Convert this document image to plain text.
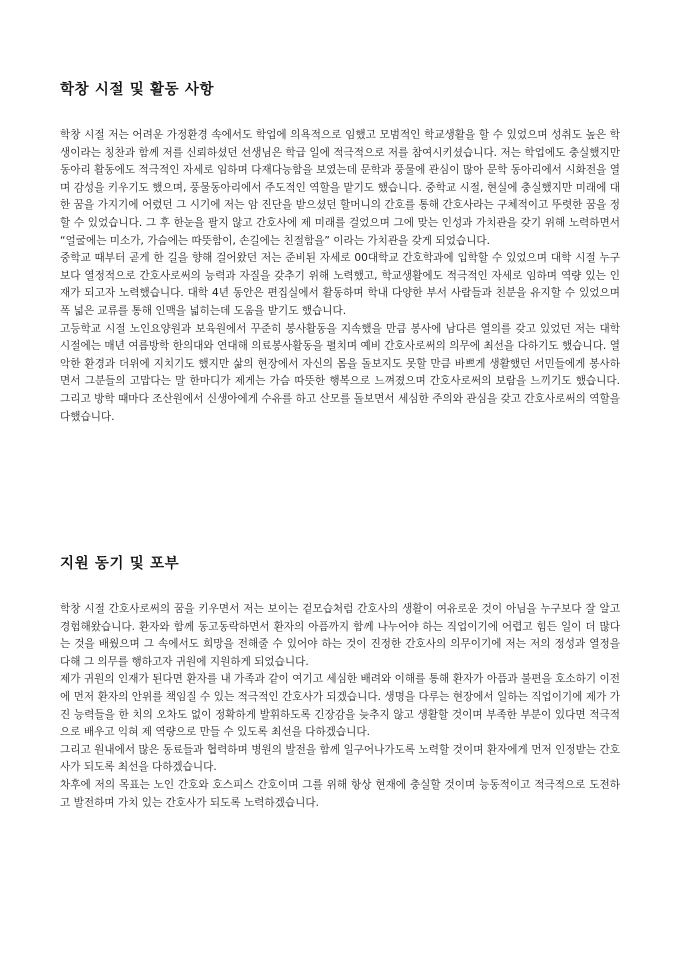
학창 시절 및 활동 사항

학창 시절 저는 어려운 가정환경 속에서도 학업에 의욕적으로 임했고 모범적인 학교생활을 할 수 있었으며 성취도 높은 학생이라는 칭찬과 함께 저를 신뢰하셨던 선생님은 학급 일에 적극적으로 저를 참여시키셨습니다. 저는 학업에도 충실했지만 동아리 활동에도 적극적인 자세로 임하며 다재다능함을 보였는데 문학과 풍물에 관심이 많아 문학 동아리에서 시화전을 열며 감성을 키우기도 했으며, 풍물동아리에서 주도적인 역할을 맡기도 했습니다. 중학교 시절, 현실에 충실했지만 미래에 대한 꿈을 가지기에 어렸던 그 시기에 저는 암 진단을 받으셨던 할머니의 간호를 통해 간호사라는 구체적이고 뚜렷한 꿈을 정할 수 있었습니다. 그 후 한눈을 팔지 않고 간호사에 제 미래를 걸었으며 그에 맞는 인성과 가치관을 갖기 위해 노력하면서 “얼굴에는 미소가, 가슴에는 따뜻함이, 손길에는 친절함을” 이라는 가치관을 갖게 되었습니다.

중학교 때부터 곧게 한 길을 향해 걸어왔던 저는 준비된 자세로 00대학교 간호학과에 입학할 수 있었으며 대학 시절 누구보다 열정적으로 간호사로써의 능력과 자질을 갖추기 위해 노력했고, 학교생활에도 적극적인 자세로 임하며 역량 있는 인재가 되고자 노력했습니다. 대학 4년 동안은 편집실에서 활동하며 학내 다양한 부서 사람들과 친분을 유지할 수 있었으며 폭 넓은 교류를 통해 인맥을 넓히는데 도움을 받기도 했습니다.

고등학교 시절 노인요양원과 보육원에서 꾸준히 봉사활동을 지속했을 만큼 봉사에 남다른 열의를 갖고 있었던 저는 대학 시절에는 매년 여름방학 한의대와 연대해 의료봉사활동을 펼치며 예비 간호사로써의 의무에 최선을 다하기도 했습니다. 열악한 환경과 더위에 지치기도 했지만 삶의 현장에서 자신의 몸을 돌보지도 못할 만큼 바쁘게 생활했던 서민들에게 봉사하면서 그분들의 고맙다는 말 한마디가 제게는 가슴 따뜻한 행복으로 느껴졌으며 간호사로써의 보람을 느끼기도 했습니다. 그리고 방학 때마다 조산원에서 신생아에게 수유를 하고 산모를 돌보면서 세심한 주의와 관심을 갖고 간호사로써의 역할을 다했습니다.

지원 동기 및 포부

학창 시절 간호사로써의 꿈을 키우면서 저는 보이는 겉모습처럼 간호사의 생활이 여유로운 것이 아님을 누구보다 잘 알고 경험해왔습니다. 환자와 함께 동고동락하면서 환자의 아픔까지 함께 나누어야 하는 직업이기에 어렵고 힘든 일이 더 많다는 것을 배웠으며 그 속에서도 희망을 전해줄 수 있어야 하는 것이 진정한 간호사의 의무이기에 저는 저의 정성과 열정을 다해 그 의무를 행하고자 귀원에 지원하게 되었습니다.

제가 귀원의 인재가 된다면 환자를 내 가족과 같이 여기고 세심한 배려와 이해를 통해 환자가 아픔과 불편을 호소하기 이전에 먼저 환자의 안위를 책임질 수 있는 적극적인 간호사가 되겠습니다. 생명을 다루는 현장에서 일하는 직업이기에 제가 가진 능력들을 한 치의 오차도 없이 정확하게 발휘하도록 긴장감을 늦추지 않고 생활할 것이며 부족한 부분이 있다면 적극적으로 배우고 익혀 제 역량으로 만들 수 있도록 최선을 다하겠습니다.

그리고 원내에서 많은 동료들과 협력하며 병원의 발전을 함께 일구어나가도록 노력할 것이며 환자에게 먼저 인정받는 간호사가 되도록 최선을 다하겠습니다.

차후에 저의 목표는 노인 간호와 호스피스 간호이며 그를 위해 항상 현재에 충실할 것이며 능동적이고 적극적으로 도전하고 발전하며 가치 있는 간호사가 되도록 노력하겠습니다.
